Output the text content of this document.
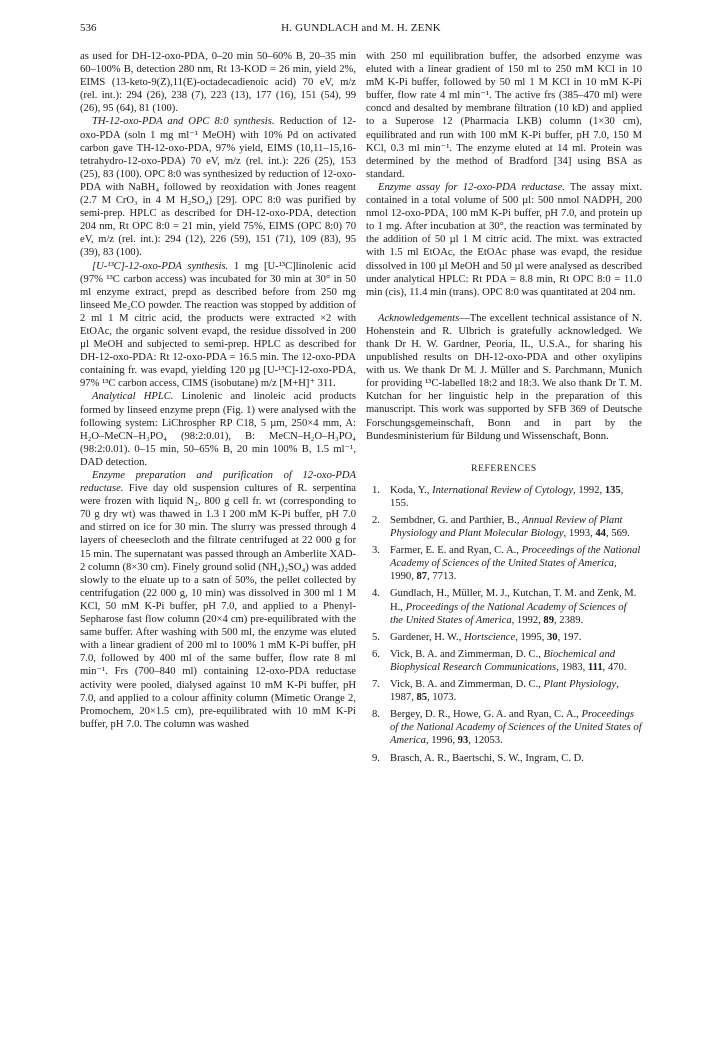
536	H. GUNDLACH and M. H. ZENK

as used for DH-12-oxo-PDA, 0–20 min 50–60% B, 20–35 min 60–100% B, detection 280 nm, Rt 13-KOD = 26 min, yield 2%, EIMS (13-keto-9(Z),11(E)-octadecadienoic acid) 70 eV, m/z (rel. int.): 294 (26), 238 (7), 223 (13), 177 (16), 151 (54), 99 (26), 95 (64), 81 (100).

TH-12-oxo-PDA and OPC 8:0 synthesis. Reduction of 12-oxo-PDA (soln 1 mg ml⁻¹ MeOH) with 10% Pd on activated carbon gave TH-12-oxo-PDA, 97% yield, EIMS (10,11–15,16-tetrahydro-12-oxo-PDA) 70 eV, m/z (rel. int.): 226 (25), 153 (25), 83 (100). OPC 8:0 was synthesized by reduction of 12-oxo-PDA with NaBH₄ followed by reoxidation with Jones reagent (2.7 M CrO₃ in 4 M H₂SO₄) [29]. OPC 8:0 was purified by semi-prep. HPLC as described for DH-12-oxo-PDA, detection 204 nm, Rt OPC 8:0 = 21 min, yield 75%, EIMS (OPC 8:0) 70 eV, m/z (rel. int.): 294 (12), 226 (59), 151 (71), 109 (83), 95 (39), 83 (100).

[U-¹³C]-12-oxo-PDA synthesis. 1 mg [U-¹³C]linolenic acid (97% ¹³C carbon access) was incubated for 30 min at 30° in 50 ml enzyme extract, prepd as described before from 250 mg linseed Me₂CO powder. The reaction was stopped by addition of 2 ml 1 M citric acid, the products were extracted ×2 with EtOAc, the organic solvent evapd, the residue dissolved in 200 µl MeOH and subjected to semi-prep. HPLC as described for DH-12-oxo-PDA: Rt 12-oxo-PDA = 16.5 min. The 12-oxo-PDA containing fr. was evapd, yielding 120 µg [U-¹³C]-12-oxo-PDA, 97% ¹³C carbon access, CIMS (isobutane) m/z [M+H]⁺ 311.

Analytical HPLC. Linolenic and linoleic acid products formed by linseed enzyme prepn (Fig. 1) were analysed with the following system: LiChrospher RP C18, 5 µm, 250×4 mm, A: H₂O–MeCN–H₃PO₄ (98:2:0.01), B: MeCN–H₂O–H₃PO₄ (98:2:0.01). 0–15 min, 50–65% B, 20 min 100% B, 1.5 ml⁻¹, DAD detection.

Enzyme preparation and purification of 12-oxo-PDA reductase. Five day old suspension cultures of R. serpentina were frozen with liquid N₂, 800 g cell fr. wt (corresponding to 70 g dry wt) was thawed in 1.3 l 200 mM K-Pi buffer, pH 7.0 and stirred on ice for 30 min. The slurry was pressed through 4 layers of cheesecloth and the filtrate centrifuged at 22 000 g for 15 min. The supernatant was passed through an Amberlite XAD-2 column (8×30 cm). Finely ground solid (NH₄)₂SO₄) was added slowly to the eluate up to a satn of 50%, the pellet collected by centrifugation (22 000 g, 10 min) was dissolved in 300 ml 1 M KCl, 50 mM K-Pi buffer, pH 7.0, and applied to a Phenyl-Sepharose fast flow column (20×4 cm) pre-equilibrated with the same buffer. After washing with 500 ml, the enzyme was eluted with a linear gradient of 200 ml to 100% 1 mM K-Pi buffer, pH 7.0, followed by 400 ml of the same buffer, flow rate 8 ml min⁻¹. Frs (700–840 ml) containing 12-oxo-PDA reductase activity were pooled, dialysed against 10 mM K-Pi buffer, pH 7.0, and applied to a colour affinity column (Mimetic Orange 2, Promochem, 20×1.5 cm), pre-equilibrated with 10 mM K-Pi buffer, pH 7.0. The column was washed

with 250 ml equilibration buffer, the adsorbed enzyme was eluted with a linear gradient of 150 ml to 250 mM KCl in 10 mM K-Pi buffer, followed by 50 ml 1 M KCl in 10 mM K-Pi buffer, flow rate 4 ml min⁻¹. The active frs (385–470 ml) were concd and desalted by membrane filtration (10 kD) and applied to a Superose 12 (Pharmacia LKB) column (1×30 cm), equilibrated and run with 100 mM K-Pi buffer, pH 7.0, 150 M KCl, 0.3 ml min⁻¹. The enzyme eluted at 14 ml. Protein was determined by the method of Bradford [34] using BSA as standard.

Enzyme assay for 12-oxo-PDA reductase. The assay mixt. contained in a total volume of 500 µl: 500 nmol NADPH, 200 nmol 12-oxo-PDA, 100 mM K-Pi buffer, pH 7.0, and protein up to 1 mg. After incubation at 30°, the reaction was terminated by the addition of 50 µl 1 M citric acid. The mixt. was extracted with 1.5 ml EtOAc, the EtOAc phase was evapd, the residue dissolved in 100 µl MeOH and 50 µl were analysed as described under analytical HPLC: Rt PDA = 8.8 min, Rt OPC 8:0 = 11.0 min (cis), 11.4 min (trans). OPC 8:0 was quantitated at 204 nm.

Acknowledgements—The excellent technical assistance of N. Hohenstein and R. Ulbrich is gratefully acknowledged. We thank Dr H. W. Gardner, Peoria, IL, U.S.A., for sharing his unpublished results on DH-12-oxo-PDA and other oxylipins with us. We thank Dr M. J. Müller and S. Parchmann, Munich for providing ¹³C-labelled 18:2 and 18:3. We also thank Dr T. M. Kutchan for her linguistic help in the preparation of this manuscript. This work was supported by SFB 369 of Deutsche Forschungsgemeinschaft, Bonn and in part by the Bundesministerium für Bildung und Wissenschaft, Bonn.

REFERENCES
1. Koda, Y., International Review of Cytology, 1992, 135, 155.
2. Sembdner, G. and Parthier, B., Annual Review of Plant Physiology and Plant Molecular Biology, 1993, 44, 569.
3. Farmer, E. E. and Ryan, C. A., Proceedings of the National Academy of Sciences of the United States of America, 1990, 87, 7713.
4. Gundlach, H., Müller, M. J., Kutchan, T. M. and Zenk, M. H., Proceedings of the National Academy of Sciences of the United States of America, 1992, 89, 2389.
5. Gardener, H. W., Hortscience, 1995, 30, 197.
6. Vick, B. A. and Zimmerman, D. C., Biochemical and Biophysical Research Communications, 1983, 111, 470.
7. Vick, B. A. and Zimmerman, D. C., Plant Physiology, 1987, 85, 1073.
8. Bergey, D. R., Howe, G. A. and Ryan, C. A., Proceedings of the National Academy of Sciences of the United States of America, 1996, 93, 12053.
9. Brasch, A. R., Baertschi, S. W., Ingram, C. D.
